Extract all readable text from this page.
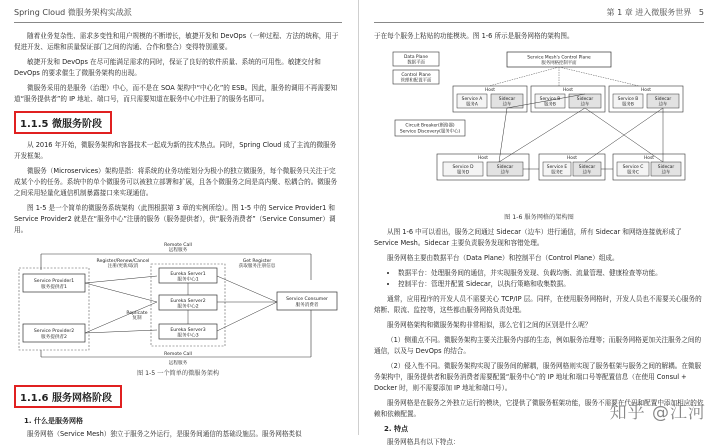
Spring Cloud 微服务架构实战派

随着业务复杂性、需求多变性和用户规模的不断增长，敏捷开发和 DevOps（一种过程、方法的统称，用于促进开发、运维和质量保证部门之间的沟通、合作和整合）变得特别重要。

敏捷开发和 DevOps 在尽可能满足需求的同时，保证了良好的软件质量、系统的可用性。敏捷交付和 DevOps 的要求催生了微服务架构的出现。

微服务采用的是服务（治理）中心，而不是在 SOA 架构中“中心化”的 ESB。因此，服务的调用不再需要知道“服务提供者”的 IP 地址、端口号，而只需要知道在服务中心中注册了的服务名即可。

1.1.5 微服务阶段

从 2016 年开始，微服务架构和容器技术一起成为新的技术热点。同时，Spring Cloud 成了主流的微服务开发框架。

微服务（Microservices）架构是指：将系统的业务功能划分为极小的独立微服务，每个微服务只关注于完成某个小的任务。系统中的单个微服务可以被独立部署和扩展，且各个微服务之间是高内聚、松耦合的。微服务之间采用轻量化通信机制暴露接口来实现通信。

图 1-5 是一个简单的微服务系统架构（此图根据第 3 章的实例所绘）。图 1-5 中的 Service Provider1 和 Service Provider2 就是在“服务中心”注册的服务（服务提供者），供“服务消费者”（Service Consumer）调用。

Remote Call
远程服务
Service Provider1
服务提供者1
Service Provider2
服务提供者2
Register/Renew/Cancel
注册/更新/取消
Eureka Server1
服务中心1
Eureka Server2
服务中心2
Eureka Server3
服务中心3
Replicate
复制
Get Register
获取服务注册信息
Service Consumer
服务消费者
Remote Call
远程服务
图 1-5 一个简单的微服务架构
1.1.6 服务网格阶段
1. 什么是服务网格

服务网格（Service Mesh）独立于服务之外运行，是服务间通信的基础设施层。服务网格类似

第 1 章 进入微服务世界 5

于在每个服务上粘贴的功能模块。图 1-6 所示是服务网格的架构图。

Data Plane
数据平面
Control Plane
管理和配置平面
Service Mesh's Control Plane
服务网格控制平面
Host
Service A
服务A
Sidecar
边车
Host
Service B
服务B
Sidecar
边车
Host
Service B
服务B
Sidecar
边车
Circuit Breaker(断路器)
Service Discovery(服务中心)
Host
Service D
服务D
Sidecar
边车
Host
Service E
服务E
Sidecar
边车
Host
Service C
服务C
Sidecar
边车
图 1-6 服务网格的架构图

从图 1-6 中可以看出，服务之间通过 Sidecar（边车）进行通信，所有 Sidecar 和网络连接就形成了 Service Mesh。Sidecar 主要负责服务发现和容错处理。

服务网格主要由数据平台（Data Plane）和控制平台（Control Plane）组成。

• 数据平台：处理服务间的通信，并实现服务发现、负载均衡、流量管理、健康检查等功能。
• 控制平台：管理并配置 Sidecar，以执行策略和收集数据。

通常，应用程序的开发人员不需要关心 TCP/IP 层。同样，在使用服务网格时，开发人员也不需要关心服务的熔断、限流、监控等，这些都由服务网格负责处理。

服务网格架构和微服务架构非常相似，那么它们之间的区别是什么呢？

（1）侧重点不同。微服务架构主要关注服务内部的生态，例如服务治理等；而服务网格更加关注服务之间的通信，以及与 DevOps 的结合。

（2）侵入性不同。微服务架构实现了服务间的解耦，服务网格则实现了服务框架与服务之间的解耦。在微服务架构中，服务提供者和服务消费者需要配置“服务中心”的 IP 地址和端口号等配置信息（在使用 Consul + Docker 时，则不需要添加 IP 地址和端口号）。

服务网格是在服务之外独立运行的模块，它提供了微服务框架功能，服务不需要在代码和配置中添加相应的依赖和依赖配置。

2. 特点

服务网格具有以下特点：

知乎 @江河
